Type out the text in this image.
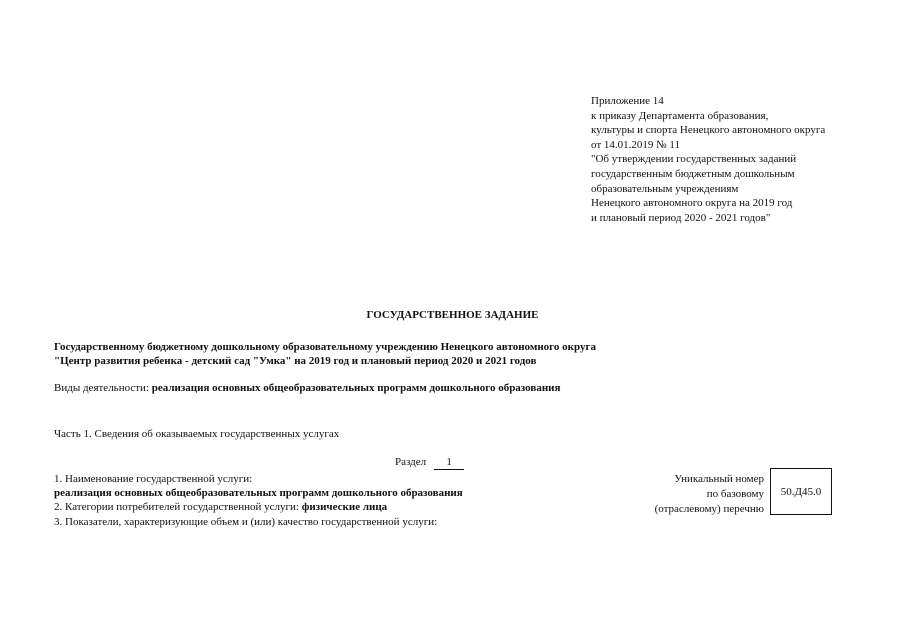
Приложение 14
к приказу Департамента образования,
культуры и спорта Ненецкого автономного округа
от 14.01.2019 № 11
"Об утверждении государственных заданий
государственным бюджетным дошкольным
образовательным учреждениям
Ненецкого автономного округа на 2019 год
и плановый период 2020 - 2021 годов"
ГОСУДАРСТВЕННОЕ ЗАДАНИЕ
Государственному бюджетному дошкольному образовательному учреждению Ненецкого автономного округа
"Центр развития ребенка - детский сад "Умка" на 2019 год и плановый период 2020 и 2021 годов
Виды деятельности: реализация основных общеобразовательных программ дошкольного образования
Часть 1. Сведения об оказываемых государственных услугах
Раздел 1
1. Наименование государственной услуги:
реализация основных общеобразовательных программ дошкольного образования
2. Категории потребителей государственной услуги: физические лица
3. Показатели, характеризующие объем и (или) качество государственной услуги:
Уникальный номер
по базовому
(отраслевому) перечню
50.Д45.0
